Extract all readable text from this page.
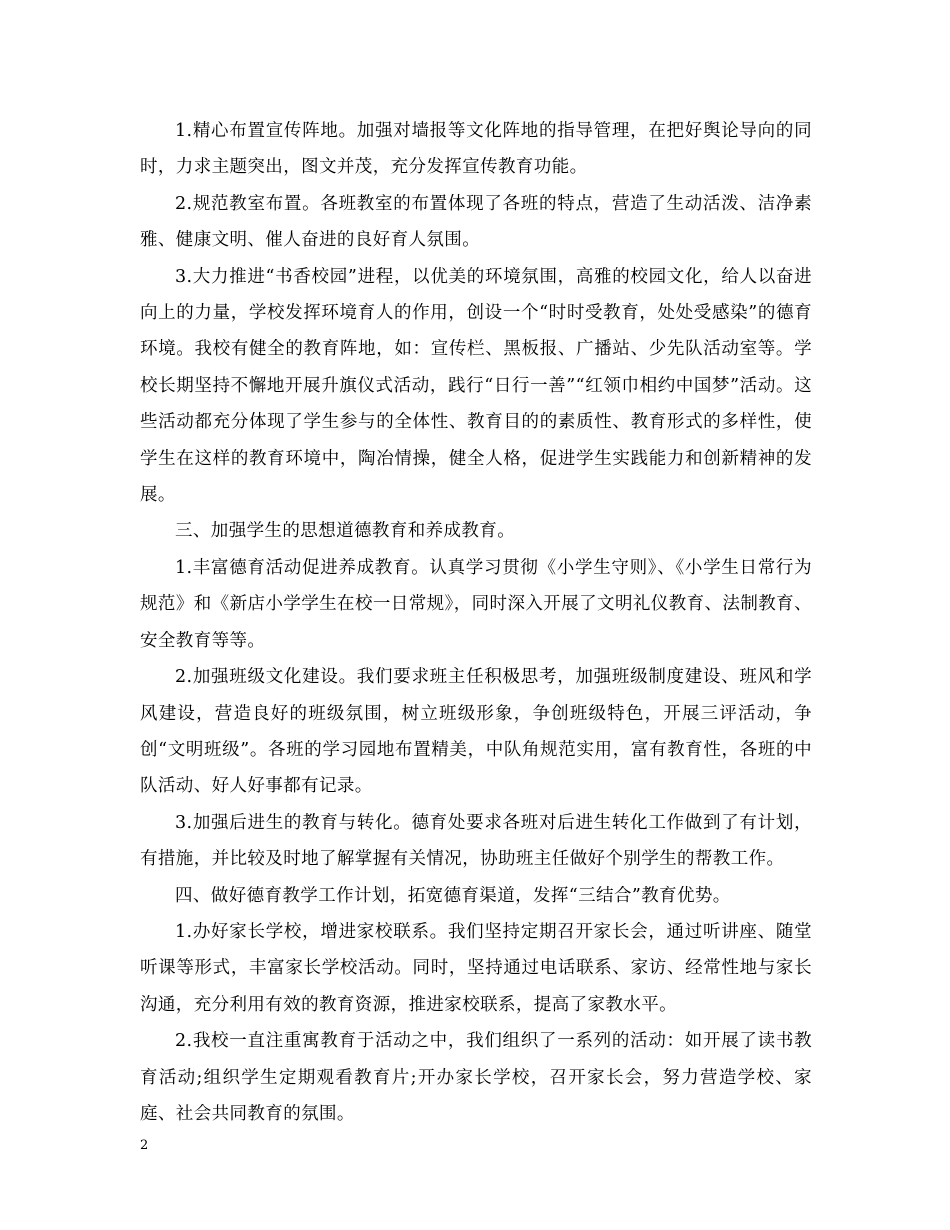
1.精心布置宣传阵地。加强对墙报等文化阵地的指导管理，在把好舆论导向的同时，力求主题突出，图文并茂，充分发挥宣传教育功能。

2.规范教室布置。各班教室的布置体现了各班的特点，营造了生动活泼、洁净素雅、健康文明、催人奋进的良好育人氛围。

3.大力推进“书香校园”进程，以优美的环境氛围，高雅的校园文化，给人以奋进向上的力量，学校发挥环境育人的作用，创设一个“时时受教育，处处受感染”的德育环境。我校有健全的教育阵地，如：宣传栏、黑板报、广播站、少先队活动室等。学校长期坚持不懈地开展升旗仪式活动，践行“日行一善”“红领巾相约中国梦”活动。这些活动都充分体现了学生参与的全体性、教育目的的素质性、教育形式的多样性，使学生在这样的教育环境中，陶冶情操，健全人格，促进学生实践能力和创新精神的发展。

三、加强学生的思想道德教育和养成教育。

1.丰富德育活动促进养成教育。认真学习贯彻《小学生守则》、《小学生日常行为规范》和《新店小学学生在校一日常规》，同时深入开展了文明礼仪教育、法制教育、安全教育等等。

2.加强班级文化建设。我们要求班主任积极思考，加强班级制度建设、班风和学风建设，营造良好的班级氛围，树立班级形象，争创班级特色，开展三评活动，争创“文明班级”。各班的学习园地布置精美，中队角规范实用，富有教育性，各班的中队活动、好人好事都有记录。

3.加强后进生的教育与转化。德育处要求各班对后进生转化工作做到了有计划，有措施，并比较及时地了解掌握有关情况，协助班主任做好个别学生的帮教工作。

四、做好德育教学工作计划，拓宽德育渠道，发挥“三结合”教育优势。

1.办好家长学校，增进家校联系。我们坚持定期召开家长会，通过听讲座、随堂听课等形式，丰富家长学校活动。同时，坚持通过电话联系、家访、经常性地与家长沟通，充分利用有效的教育资源，推进家校联系，提高了家教水平。

2.我校一直注重寓教育于活动之中，我们组织了一系列的活动：如开展了读书教育活动;组织学生定期观看教育片;开办家长学校，召开家长会，努力营造学校、家庭、社会共同教育的氛围。

2
